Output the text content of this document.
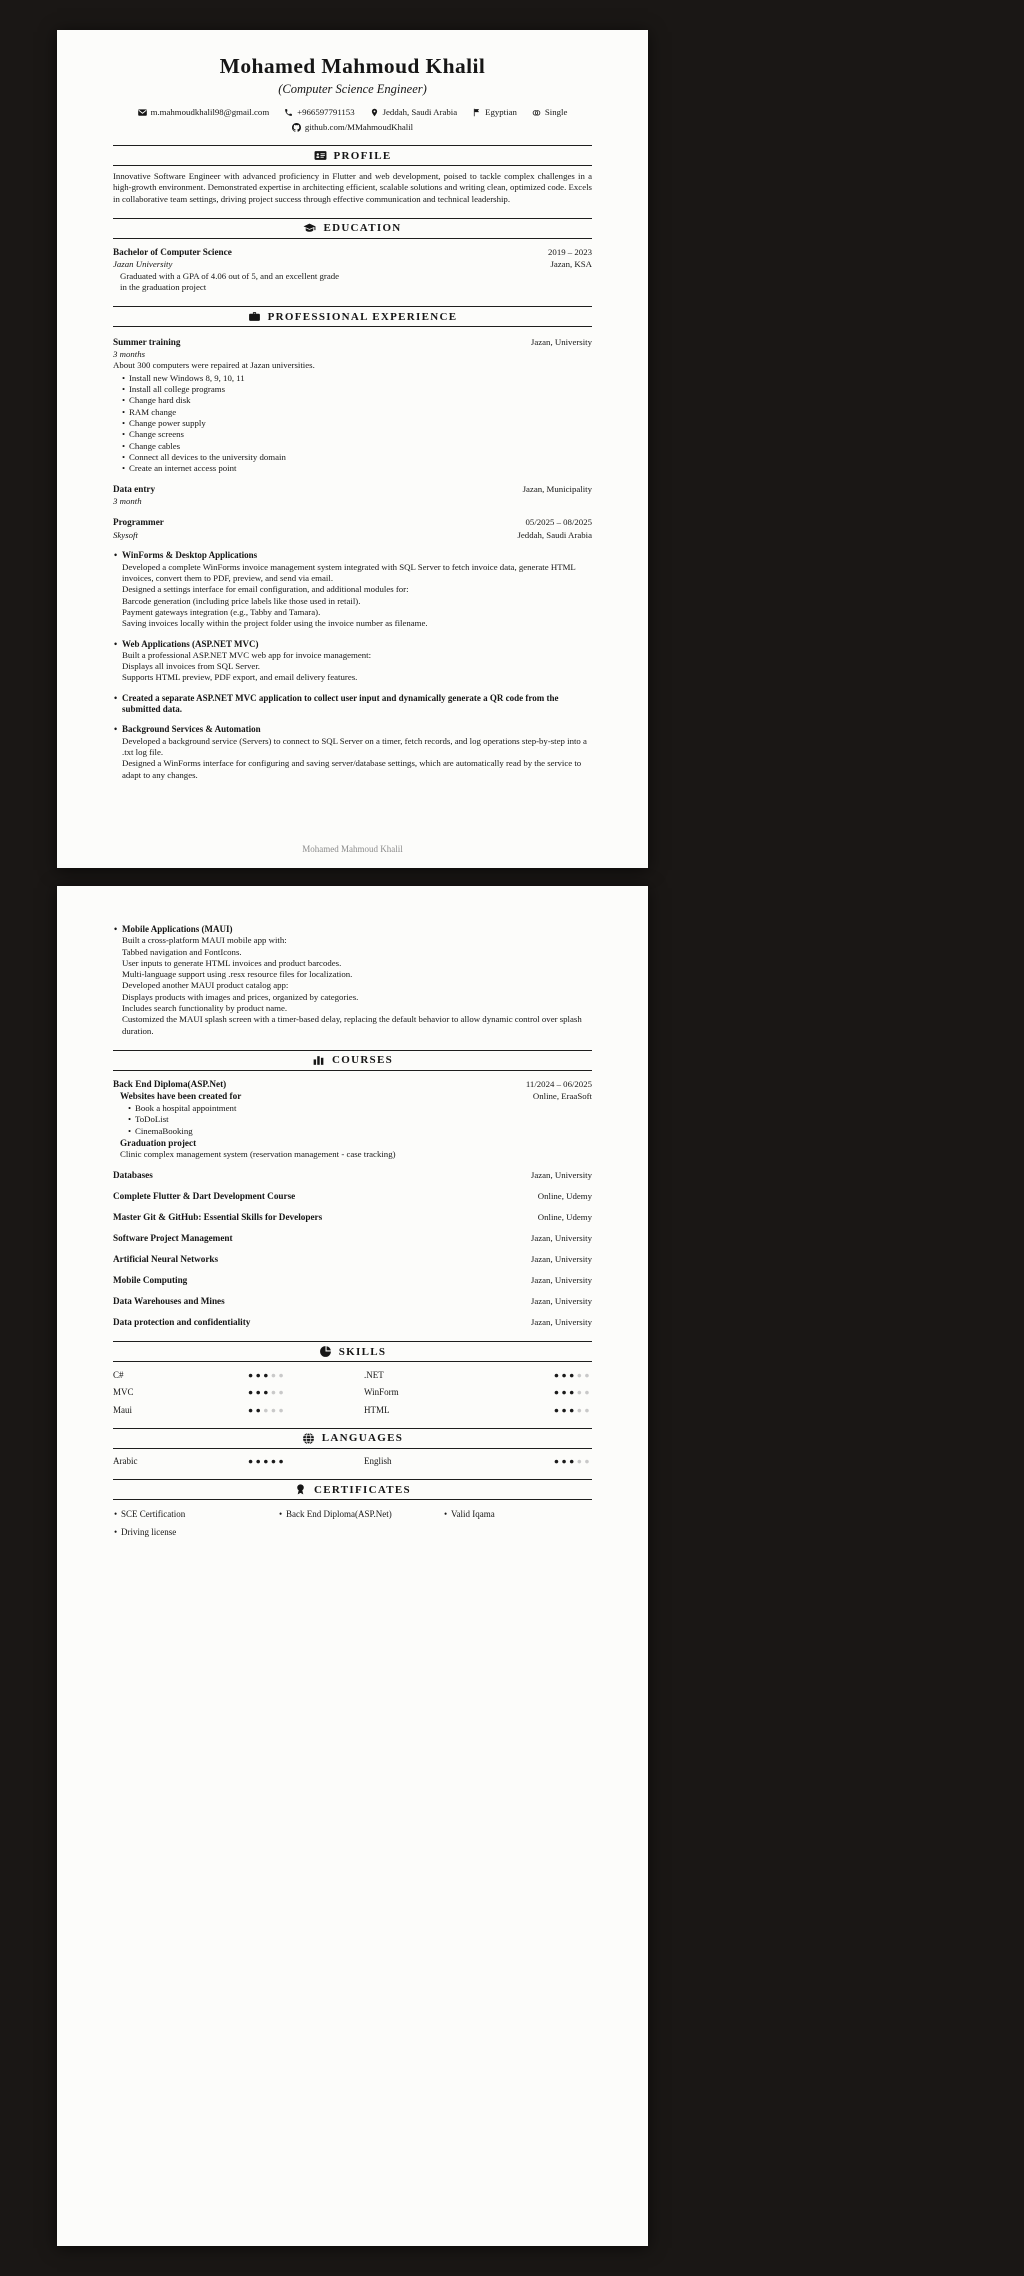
Mohamed Mahmoud Khalil
(Computer Science Engineer)
m.mahmoudkhalil98@gmail.com	+966597791153	Jeddah, Saudi Arabia	Egyptian	Single
github.com/MMahmoudKhalil
PROFILE
Innovative Software Engineer with advanced proficiency in Flutter and web development, poised to tackle complex challenges in a high-growth environment. Demonstrated expertise in architecting efficient, scalable solutions and writing clean, optimized code. Excels in collaborative team settings, driving project success through effective communication and technical leadership.
EDUCATION
Bachelor of Computer Science	2019 – 2023
Jazan University	Jazan, KSA
Graduated with a GPA of 4.06 out of 5, and an excellent grade
in the graduation project
PROFESSIONAL EXPERIENCE
Summer training	Jazan, University
3 months
About 300 computers were repaired at Jazan universities.
• Install new Windows 8, 9, 10, 11
• Install all college programs
• Change hard disk
• RAM change
• Change power supply
• Change screens
• Change cables
• Connect all devices to the university domain
• Create an internet access point
Data entry	Jazan, Municipality
3 month
Programmer	05/2025 – 08/2025
Skysoft	Jeddah, Saudi Arabia
• WinForms & Desktop Applications
Developed a complete WinForms invoice management system integrated with SQL Server to fetch invoice data, generate HTML invoices, convert them to PDF, preview, and send via email.
Designed a settings interface for email configuration, and additional modules for:
Barcode generation (including price labels like those used in retail).
Payment gateways integration (e.g., Tabby and Tamara).
Saving invoices locally within the project folder using the invoice number as filename.
• Web Applications (ASP.NET MVC)
Built a professional ASP.NET MVC web app for invoice management:
Displays all invoices from SQL Server.
Supports HTML preview, PDF export, and email delivery features.
• Created a separate ASP.NET MVC application to collect user input and dynamically generate a QR code from the submitted data.
• Background Services & Automation
Developed a background service (Servers) to connect to SQL Server on a timer, fetch records, and log operations step-by-step into a .txt log file.
Designed a WinForms interface for configuring and saving server/database settings, which are automatically read by the service to adapt to any changes.
Mohamed Mahmoud Khalil
• Mobile Applications (MAUI)
Built a cross-platform MAUI mobile app with:
Tabbed navigation and FontIcons.
User inputs to generate HTML invoices and product barcodes.
Multi-language support using .resx resource files for localization.
Developed another MAUI product catalog app:
Displays products with images and prices, organized by categories.
Includes search functionality by product name.
Customized the MAUI splash screen with a timer-based delay, replacing the default behavior to allow dynamic control over splash duration.
COURSES
Back End Diploma(ASP.Net)	11/2024 – 06/2025
Websites have been created for	Online, EraaSoft
• Book a hospital appointment
• ToDoList
• CinemaBooking
Graduation project
Clinic complex management system (reservation management - case tracking)
Databases	Jazan, University
Complete Flutter & Dart Development Course	Online, Udemy
Master Git & GitHub: Essential Skills for Developers	Online, Udemy
Software Project Management	Jazan, University
Artificial Neural Networks	Jazan, University
Mobile Computing	Jazan, University
Data Warehouses and Mines	Jazan, University
Data protection and confidentiality	Jazan, University
SKILLS
C#	●●●●●	.NET	●●●●●
MVC	●●●●●	WinForm	●●●●●
Maui	●●●●●	HTML	●●●●●
LANGUAGES
Arabic	●●●●●	English	●●●●●
CERTIFICATES
• SCE Certification	• Back End Diploma(ASP.Net)	• Valid Iqama
• Driving license
